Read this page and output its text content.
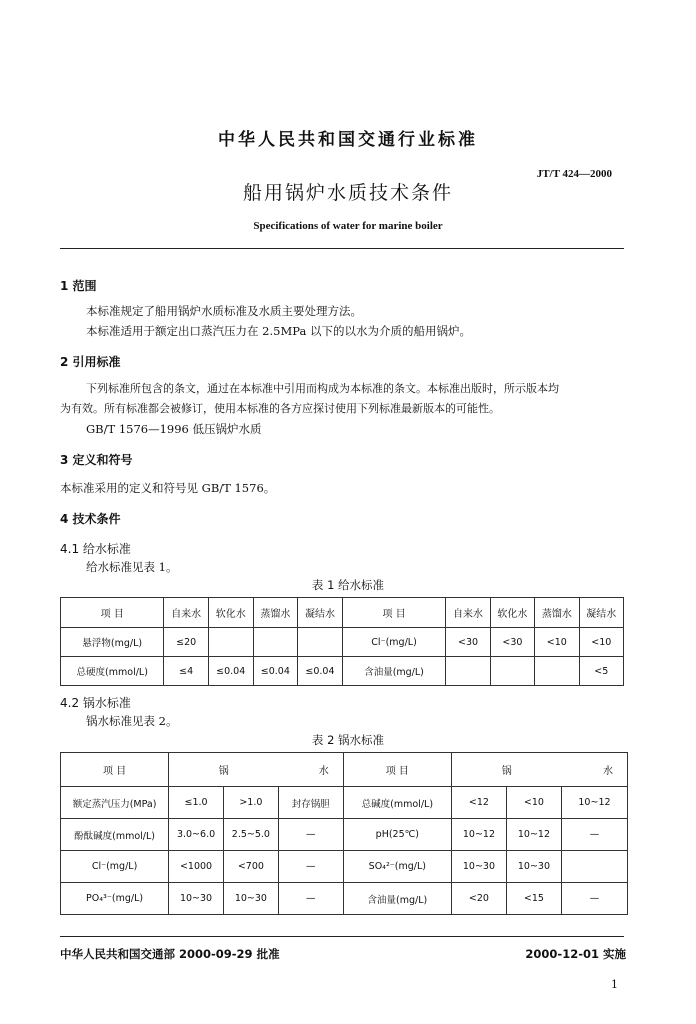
中华人民共和国交通行业标准
JT/T 424—2000
船用锅炉水质技术条件
Specifications of water for marine boiler
1 范围
本标准规定了船用锅炉水质标准及水质主要处理方法。
本标准适用于额定出口蒸汽压力在 2.5MPa 以下的以水为介质的船用锅炉。
2 引用标准
下列标准所包含的条文，通过在本标准中引用而构成为本标准的条文。本标准出版时，所示版本均
为有效。所有标准都会被修订，使用本标准的各方应探讨使用下列标准最新版本的可能性。
GB/T 1576—1996 低压锅炉水质
3 定义和符号
本标准采用的定义和符号见 GB/T 1576。
4 技术条件
4.1 给水标准
给水标准见表 1。
表 1 给水标准
项 目	自来水	软化水	蒸馏水	凝结水	项 目	自来水	软化水	蒸馏水	凝结水
悬浮物(mg/L)	≤20				Cl⁻(mg/L)	<30	<30	<10	<10
总硬度(mmol/L)	≤4	≤0.04	≤0.04	≤0.04	含油量(mg/L)				<5
4.2 锅水标准
锅水标准见表 2。
表 2 锅水标准
项 目	锅		水	项 目	锅		水
额定蒸汽压力(MPa)	≤1.0	>1.0	封存锅胆	总碱度(mmol/L)	<12	<10	10~12
酚酞碱度(mmol/L)	3.0~6.0	2.5~5.0	—	pH(25℃)	10~12	10~12	—
Cl⁻(mg/L)	<1000	<700	—	SO₄²⁻(mg/L)	10~30	10~30	
PO₄³⁻(mg/L)	10~30	10~30	—	含油量(mg/L)	<20	<15	—
中华人民共和国交通部 2000-09-29 批准	2000-12-01 实施
1
